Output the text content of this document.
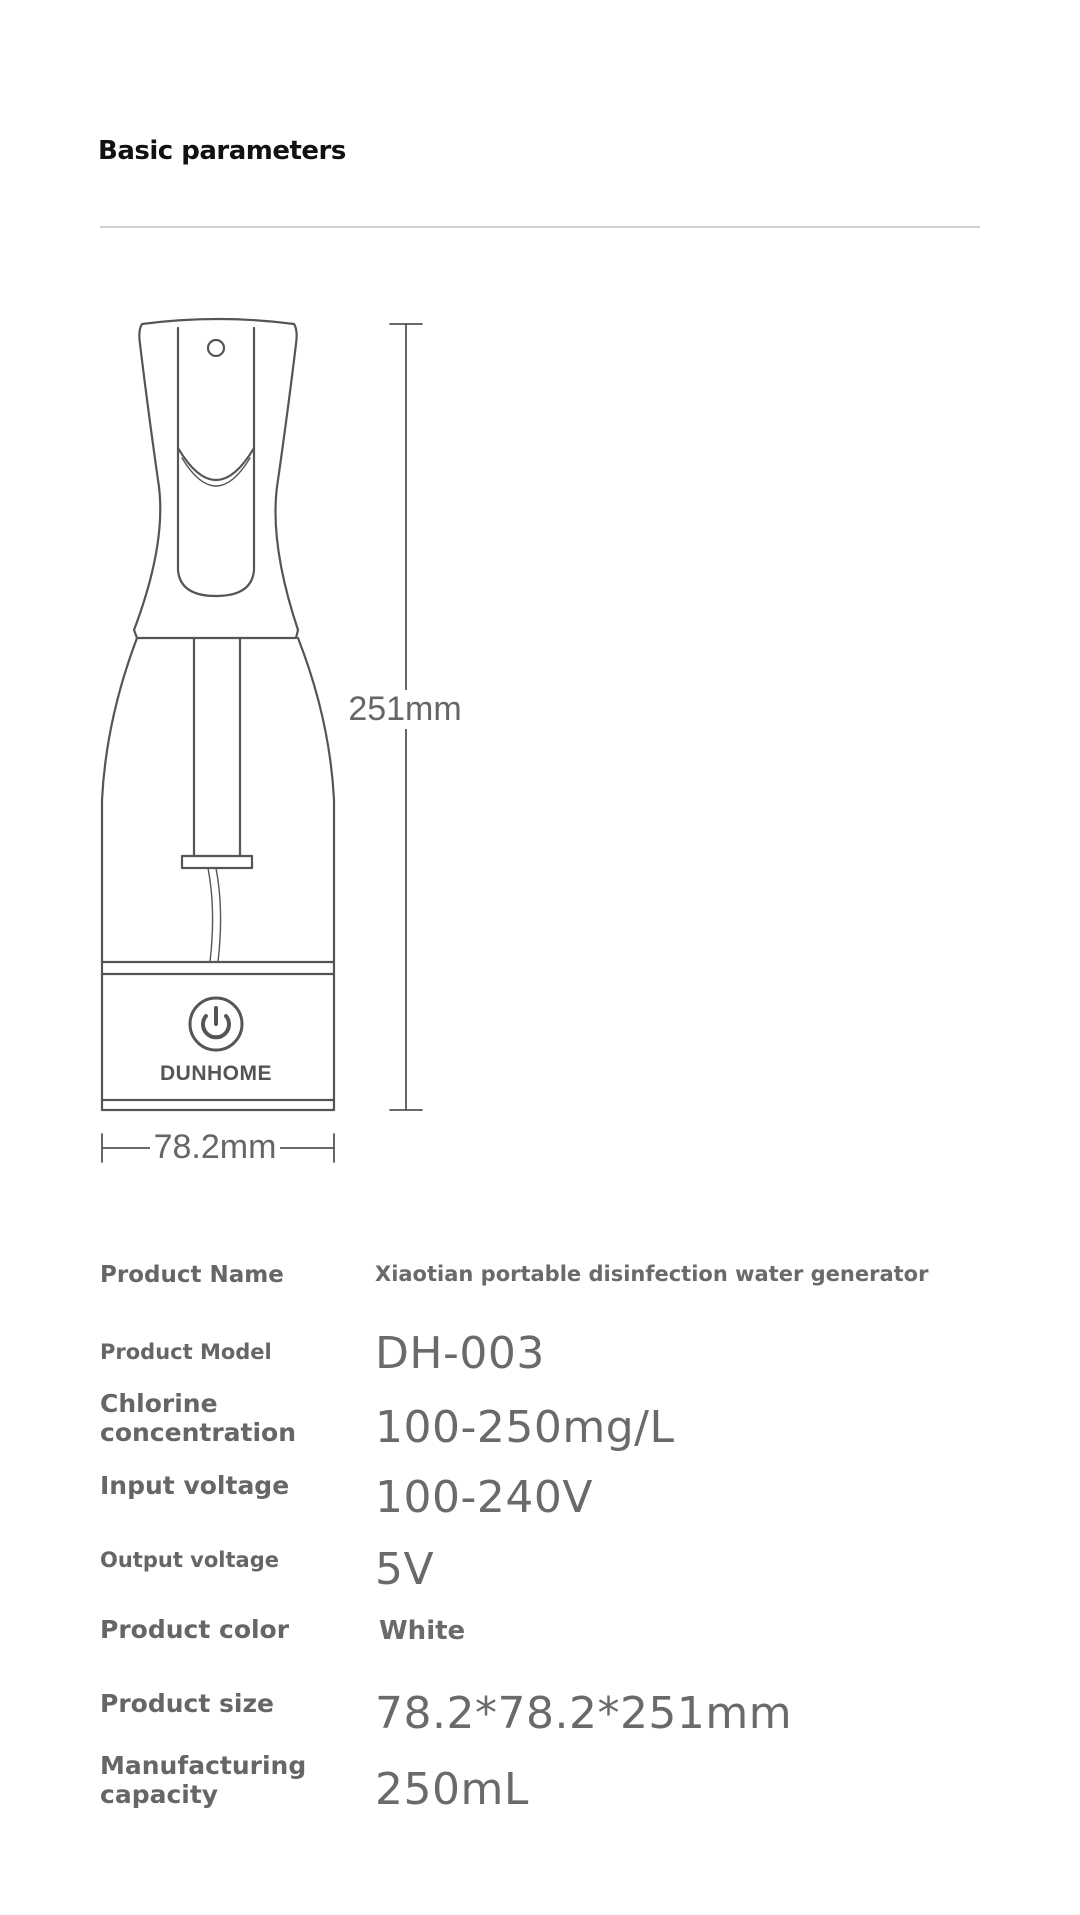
Basic parameters
DUNHOME
251mm
78.2mm
Product Name	Xiaotian portable disinfection water generator
Product Model DH-003
Chlorine concentration	100-250mg/L
Input voltage 100-240V
Output voltage 5V
Product color	White
Product size 78.2*78.2*251mm
Manufacturing capacity	250mL
